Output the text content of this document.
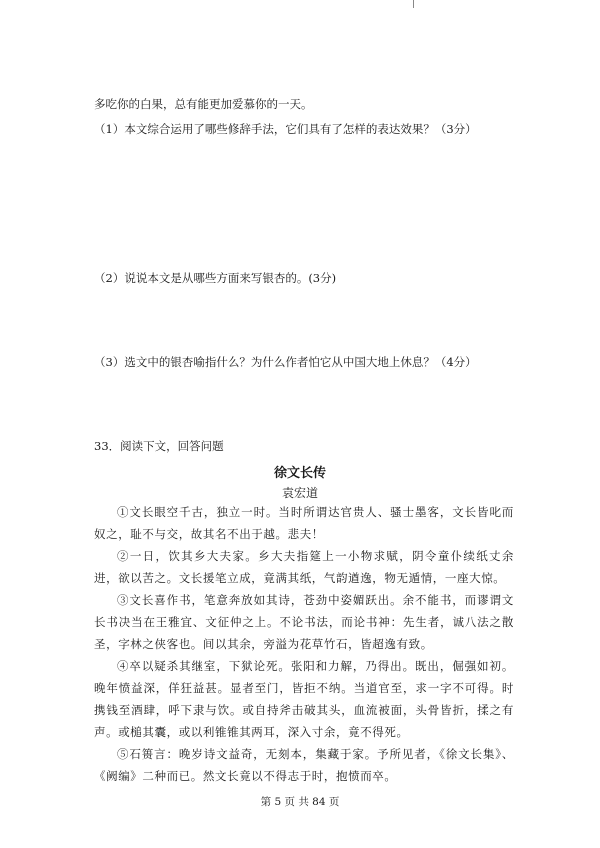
多吃你的白果，总有能更加爱慕你的一天。
（1）本文综合运用了哪些修辞手法，它们具有了怎样的表达效果？（3分）
（2）说说本文是从哪些方面来写银杏的。(3分)
（3）选文中的银杏喻指什么？为什么作者怕它从中国大地上休息？（4分）
33．阅读下文，回答问题
徐文长传
袁宏道
①文长眼空千古，独立一时。当时所谓达官贵人、骚士墨客，文长皆叱而奴之，耻不与交，故其名不出于越。悲夫！
②一日，饮其乡大夫家。乡大夫指筵上一小物求赋，阴令童仆续纸丈余进，欲以苦之。文长援笔立成，竟满其纸，气韵遒逸，物无遁情，一座大惊。
③文长喜作书，笔意奔放如其诗，苍劲中姿媚跃出。余不能书，而谬谓文长书决当在王雅宜、文征仲之上。不论书法，而论书神：先生者，诚八法之散圣，字林之侠客也。间以其余，旁溢为花草竹石，皆超逸有致。
④卒以疑杀其继室，下狱论死。张阳和力解，乃得出。既出，倔强如初。晚年愤益深，佯狂益甚。显者至门，皆拒不纳。当道官至，求一字不可得。时携钱至酒肆，呼下隶与饮。或自持斧击破其头，血流被面，头骨皆折，揉之有声。或槌其囊，或以利锥锥其两耳，深入寸余，竟不得死。
⑤石篑言：晚岁诗文益奇，无刻本，集藏于家。予所见者，《徐文长集》、《阙编》二种而已。然文长竟以不得志于时，抱愤而卒。
第 5 页 共 84 页
